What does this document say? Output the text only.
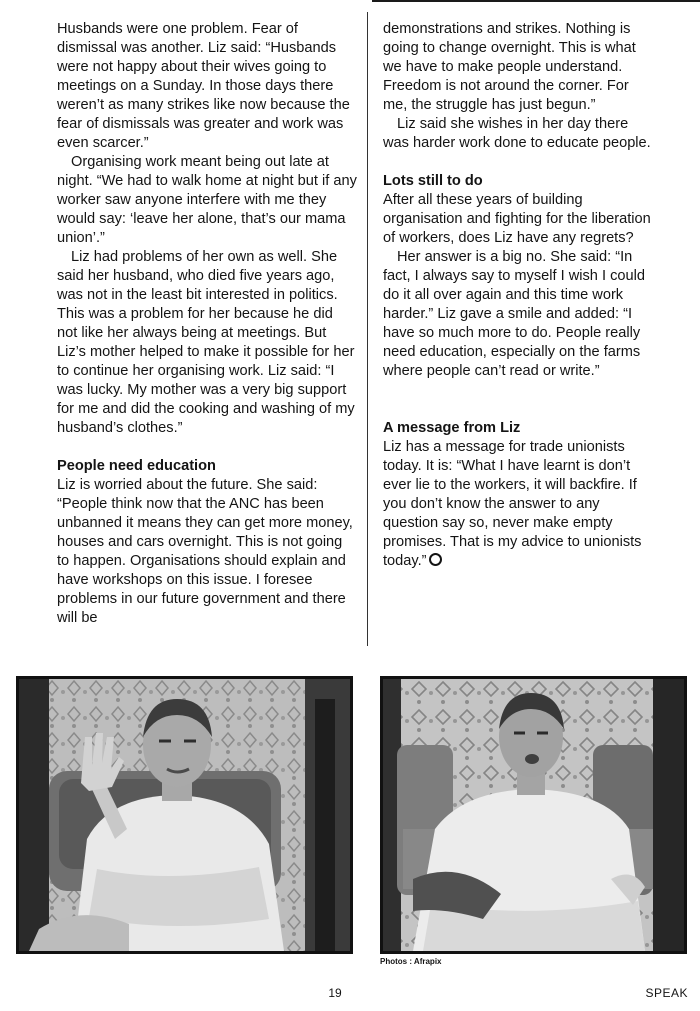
Husbands were one problem. Fear of dismissal was another. Liz said: “Husbands were not happy about their wives going to meetings on a Sunday. In those days there weren’t as many strikes like now because the fear of dismissals was greater and work was even scarcer.”

Organising work meant being out late at night. “We had to walk home at night but if any worker saw anyone interfere with me they would say: ‘leave her alone, that’s our mama union’.”

Liz had problems of her own as well. She said her husband, who died five years ago, was not in the least bit interested in politics. This was a problem for her because he did not like her always being at meetings. But Liz’s mother helped to make it possible for her to continue her organising work. Liz said: “I was lucky. My mother was a very big support for me and did the cooking and washing of my husband’s clothes.”

People need education

Liz is worried about the future. She said: “People think now that the ANC has been unbanned it means they can get more money, houses and cars overnight. This is not going to happen. Organisations should explain and have workshops on this issue. I foresee problems in our future government and there will be

demonstrations and strikes. Nothing is going to change overnight. This is what we have to make people understand. Freedom is not around the corner. For me, the struggle has just begun.”

Liz said she wishes in her day there was harder work done to educate people.

Lots still to do

After all these years of building organisation and fighting for the liberation of workers, does Liz have any regrets?

Her answer is a big no. She said: “In fact, I always say to myself I wish I could do it all over again and this time work harder.” Liz gave a smile and added: “I have so much more to do. People really need education, especially on the farms where people can’t read or write.”

A message from Liz

Liz has a message for trade unionists today. It is: “What I have learnt is don’t ever lie to the workers, it will backfire. If you don’t know the answer to any question say so, never make empty promises. That is my advice to unionists today.”

Photos : Afrapix
19	SPEAK
